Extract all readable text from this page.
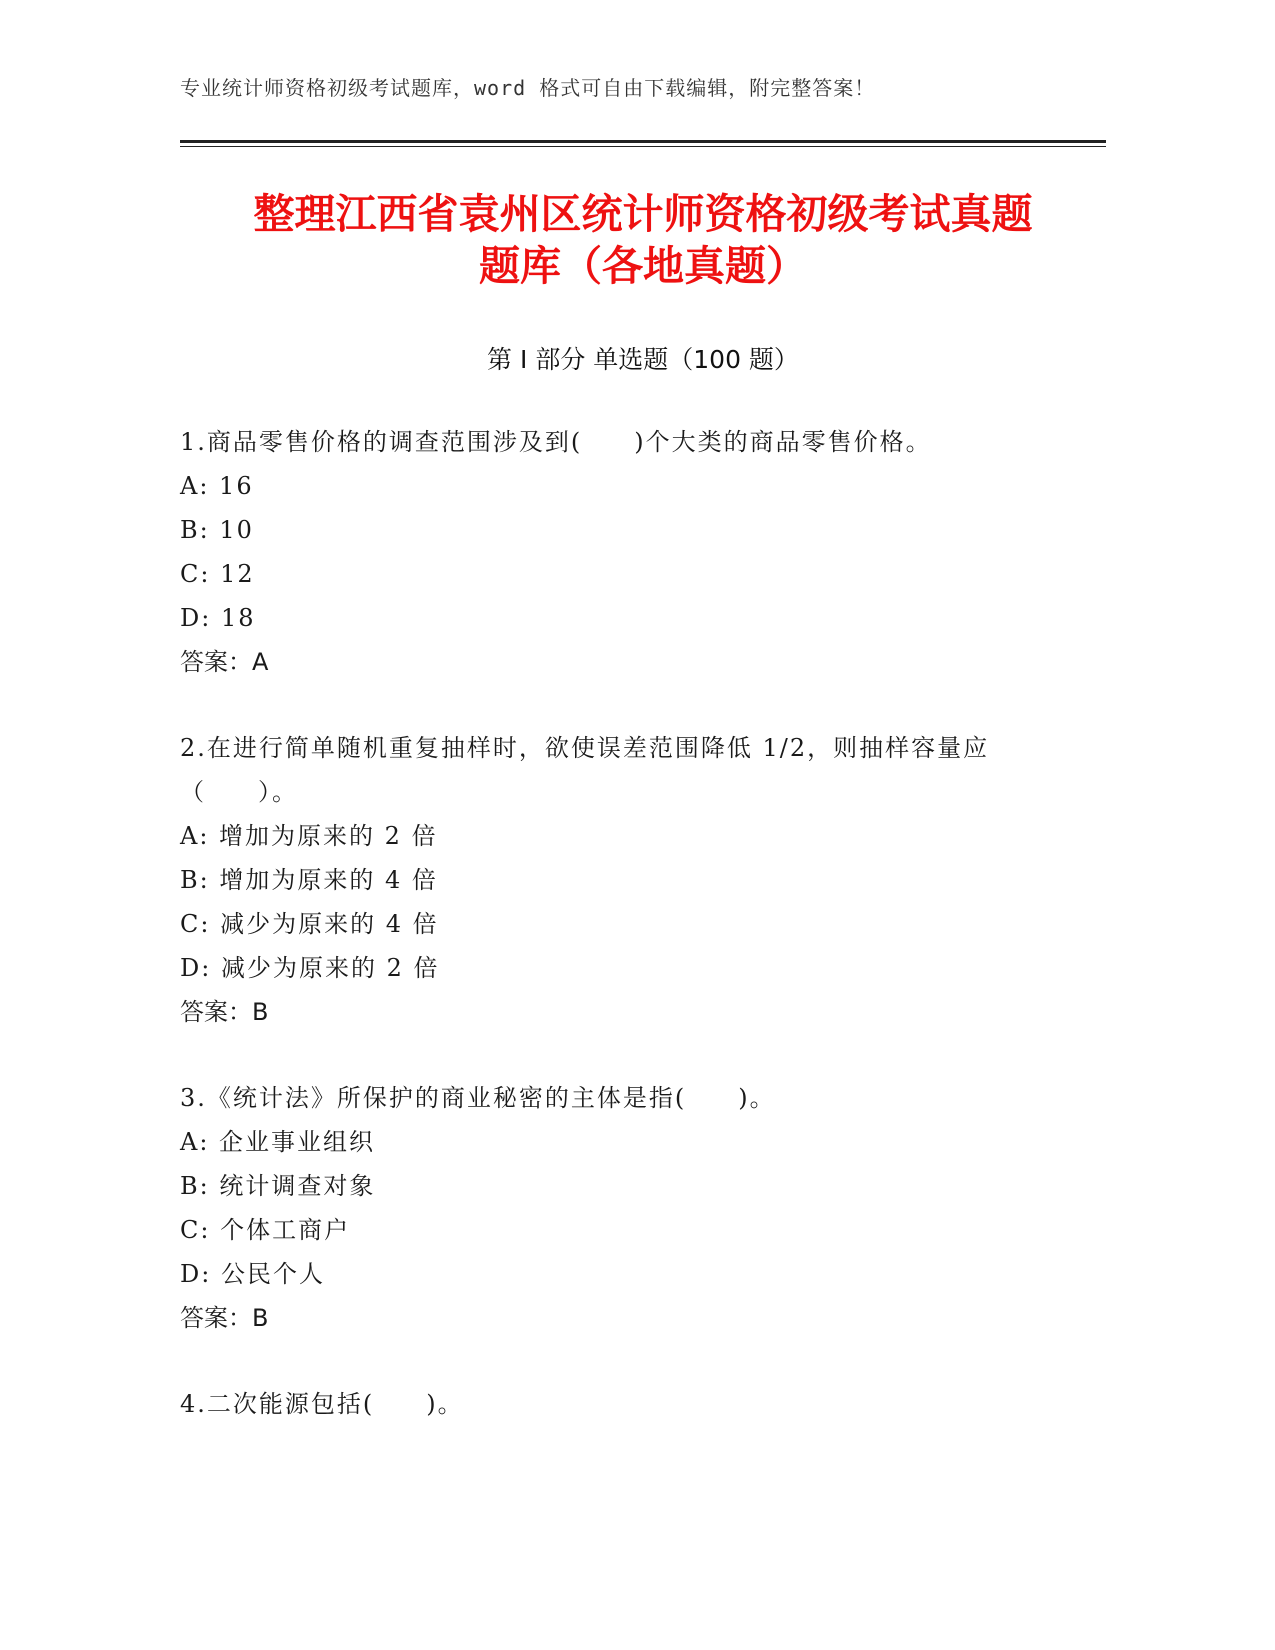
专业统计师资格初级考试题库，word 格式可自由下载编辑，附完整答案！
整理江西省袁州区统计师资格初级考试真题
题库（各地真题）
第 I 部分 单选题（100 题）
1.商品零售价格的调查范围涉及到(　　)个大类的商品零售价格。
A: 16
B: 10
C: 12
D: 18
答案：A
2.在进行简单随机重复抽样时，欲使误差范围降低 1/2，则抽样容量应
（　　）。
A: 增加为原来的 2 倍
B: 增加为原来的 4 倍
C: 减少为原来的 4 倍
D: 减少为原来的 2 倍
答案：B
3.《统计法》所保护的商业秘密的主体是指(　　)。
A: 企业事业组织
B: 统计调查对象
C: 个体工商户
D: 公民个人
答案：B
4.二次能源包括(　　)。
